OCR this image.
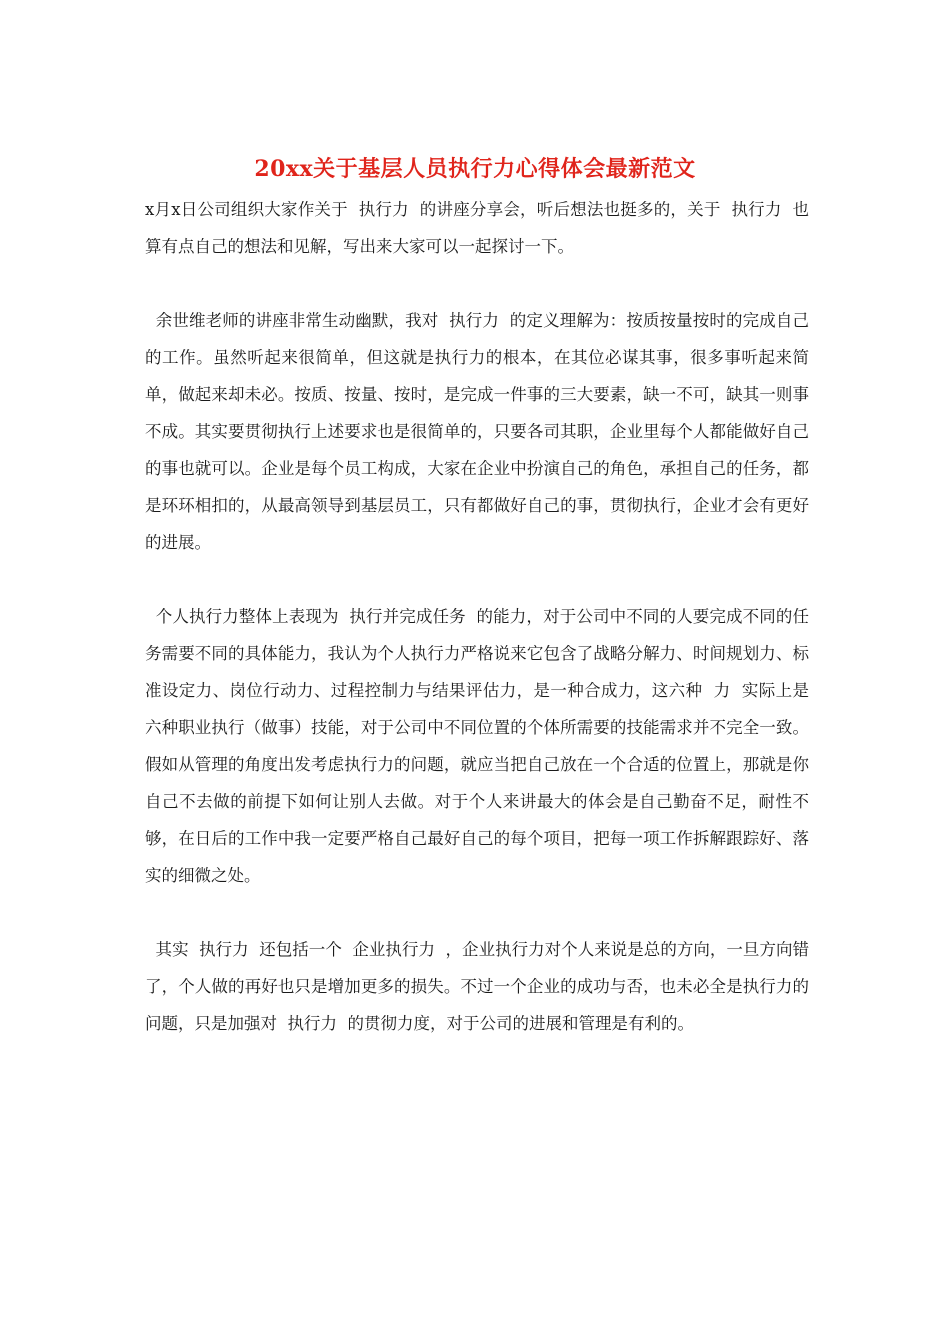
20xx关于基层人员执行力心得体会最新范文

x月x日公司组织大家作关于  执行力  的讲座分享会，听后想法也挺多的，关于  执行力  也算有点自己的想法和见解，写出来大家可以一起探讨一下。

余世维老师的讲座非常生动幽默，我对  执行力  的定义理解为：按质按量按时的完成自己的工作。虽然听起来很简单，但这就是执行力的根本，在其位必谋其事，很多事听起来简单，做起来却未必。按质、按量、按时，是完成一件事的三大要素，缺一不可，缺其一则事不成。其实要贯彻执行上述要求也是很简单的，只要各司其职，企业里每个人都能做好自己的事也就可以。企业是每个员工构成，大家在企业中扮演自己的角色，承担自己的任务，都是环环相扣的，从最高领导到基层员工，只有都做好自己的事，贯彻执行，企业才会有更好的进展。

个人执行力整体上表现为  执行并完成任务  的能力，对于公司中不同的人要完成不同的任务需要不同的具体能力，我认为个人执行力严格说来它包含了战略分解力、时间规划力、标准设定力、岗位行动力、过程控制力与结果评估力，是一种合成力，这六种  力  实际上是六种职业执行（做事）技能，对于公司中不同位置的个体所需要的技能需求并不完全一致。假如从管理的角度出发考虑执行力的问题，就应当把自己放在一个合适的位置上，那就是你自己不去做的前提下如何让别人去做。对于个人来讲最大的体会是自己勤奋不足，耐性不够，在日后的工作中我一定要严格自己最好自己的每个项目，把每一项工作拆解跟踪好、落实的细微之处。

其实  执行力  还包括一个  企业执行力  ，企业执行力对个人来说是总的方向，一旦方向错了，个人做的再好也只是增加更多的损失。不过一个企业的成功与否，也未必全是执行力的问题，只是加强对  执行力  的贯彻力度，对于公司的进展和管理是有利的。
